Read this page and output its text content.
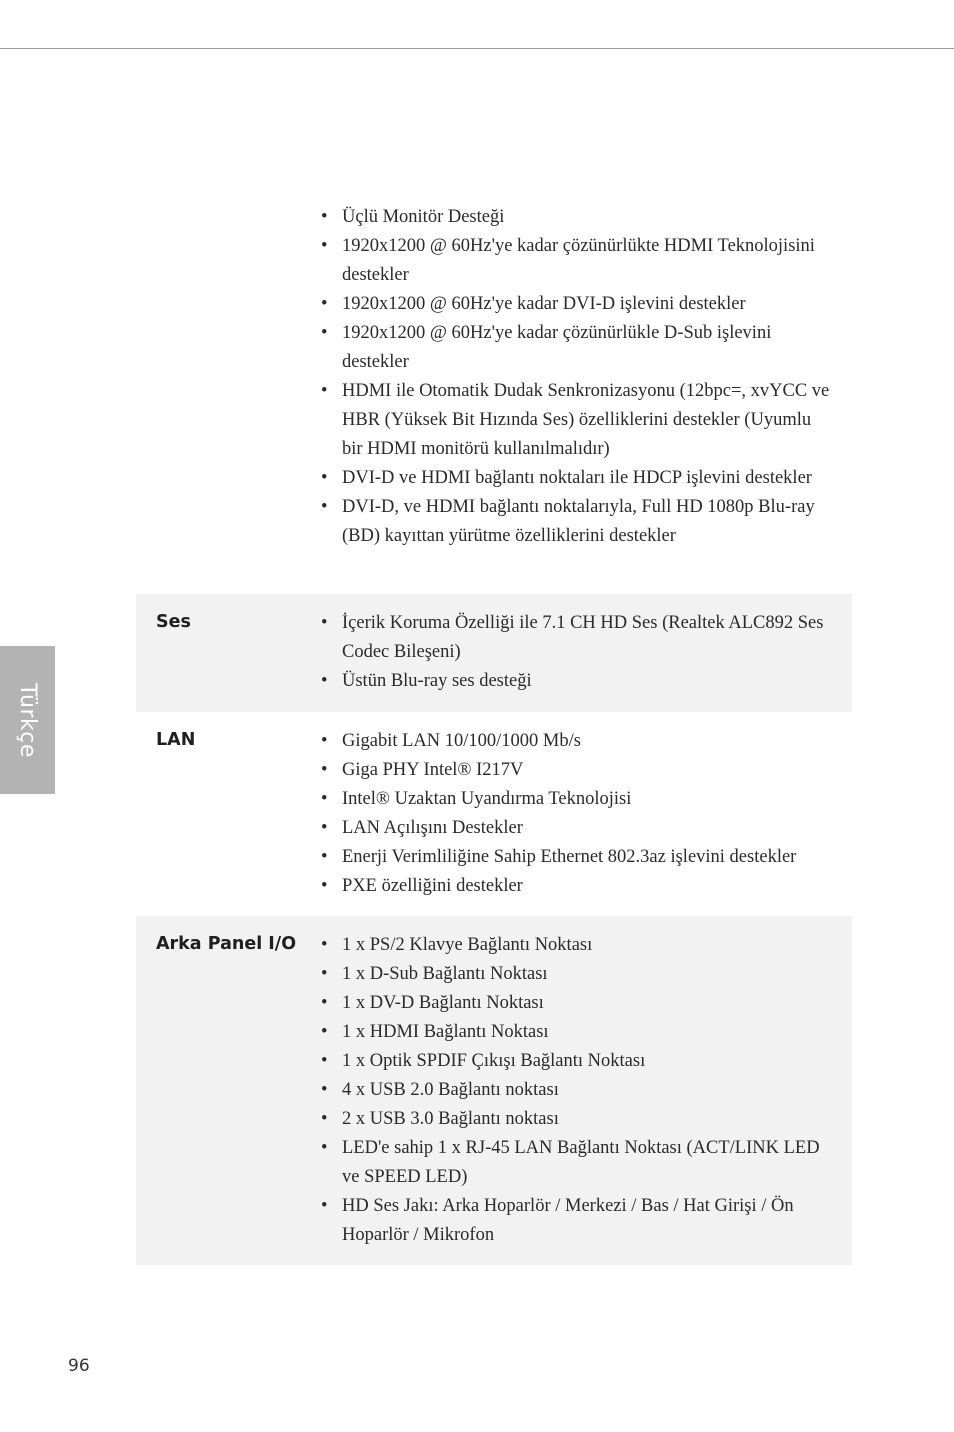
Türkçe
• Üçlü Monitör Desteği
• 1920x1200 @ 60Hz'ye kadar çözünürlükte HDMI Teknolojisini destekler
• 1920x1200 @ 60Hz'ye kadar DVI-D işlevini destekler
• 1920x1200 @ 60Hz'ye kadar çözünürlükle D-Sub işlevini destekler
• HDMI ile Otomatik Dudak Senkronizasyonu (12bpc=, xvYCC ve HBR (Yüksek Bit Hızında Ses) özelliklerini destekler (Uyumlu bir HDMI monitörü kullanılmalıdır)
• DVI-D ve HDMI bağlantı noktaları ile HDCP işlevini destekler
• DVI-D, ve HDMI bağlantı noktalarıyla, Full HD 1080p Blu-ray (BD) kayıttan yürütme özelliklerini destekler
Ses	• İçerik Koruma Özelliği ile 7.1 CH HD Ses (Realtek ALC892 Ses Codec Bileşeni)
• Üstün Blu-ray ses desteği
LAN	• Gigabit LAN 10/100/1000 Mb/s
• Giga PHY Intel® I217V
• Intel® Uzaktan Uyandırma Teknolojisi
• LAN Açılışını Destekler
• Enerji Verimliliğine Sahip Ethernet 802.3az işlevini destekler
• PXE özelliğini destekler
Arka Panel I/O • 1 x PS/2 Klavye Bağlantı Noktası
• 1 x D-Sub Bağlantı Noktası
• 1 x DV-D Bağlantı Noktası
• 1 x HDMI Bağlantı Noktası
• 1 x Optik SPDIF Çıkışı Bağlantı Noktası
• 4 x USB 2.0 Bağlantı noktası
• 2 x USB 3.0 Bağlantı noktası
• LED'e sahip 1 x RJ-45 LAN Bağlantı Noktası (ACT/LINK LED ve SPEED LED)
• HD Ses Jakı: Arka Hoparlör / Merkezi / Bas / Hat Girişi / Ön Hoparlör / Mikrofon
96
